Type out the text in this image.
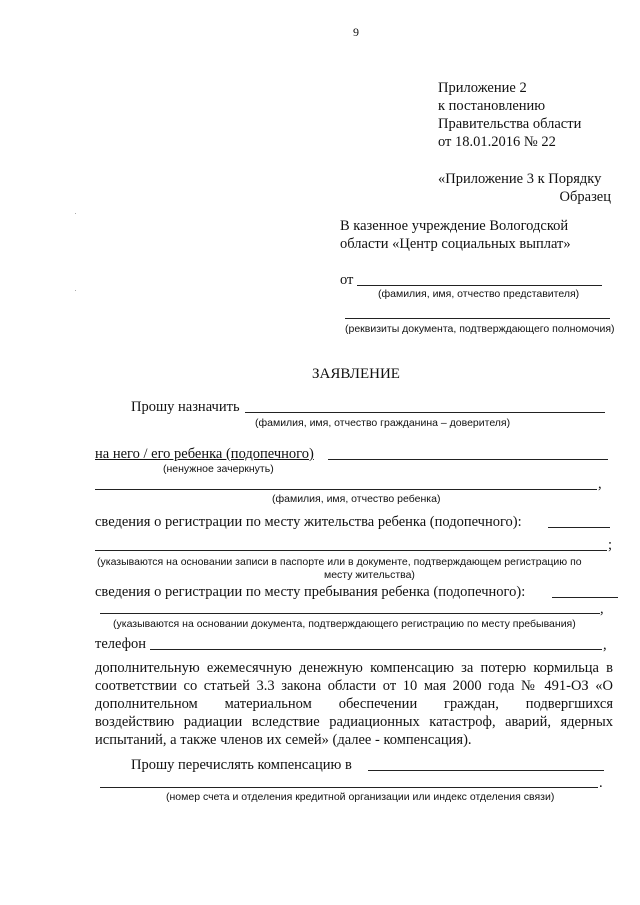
9
Приложение 2
к постановлению
Правительства области
от 18.01.2016 № 22
«Приложение 3 к Порядку
Образец
В казенное учреждение Вологодской
области «Центр социальных выплат»
от
(фамилия, имя, отчество представителя)
(реквизиты документа, подтверждающего полномочия)
ЗАЯВЛЕНИЕ
Прошу назначить
(фамилия, имя, отчество гражданина – доверителя)
на него / его ребенка (подопечного)
(ненужное зачеркнуть)
,
(фамилия, имя, отчество ребенка)
сведения о регистрации по месту жительства ребенка (подопечного):
;
(указываются на основании записи в паспорте или в документе, подтверждающем регистрацию по
месту жительства)
сведения о регистрации по месту пребывания ребенка (подопечного):
,
(указываются на основании документа, подтверждающего регистрацию по месту пребывания)
телефон	,
дополнительную ежемесячную денежную компенсацию за потерю кормильца в
соответствии со статьей 3.3 закона области от 10 мая 2000 года № 491-ОЗ «О
дополнительном материальном обеспечении граждан, подвергшихся
воздействию радиации вследствие радиационных катастроф, аварий, ядерных
испытаний, а также членов их семей» (далее - компенсация).
Прошу перечислять компенсацию в
.
(номер счета и отделения кредитной организации или индекс отделения связи)
